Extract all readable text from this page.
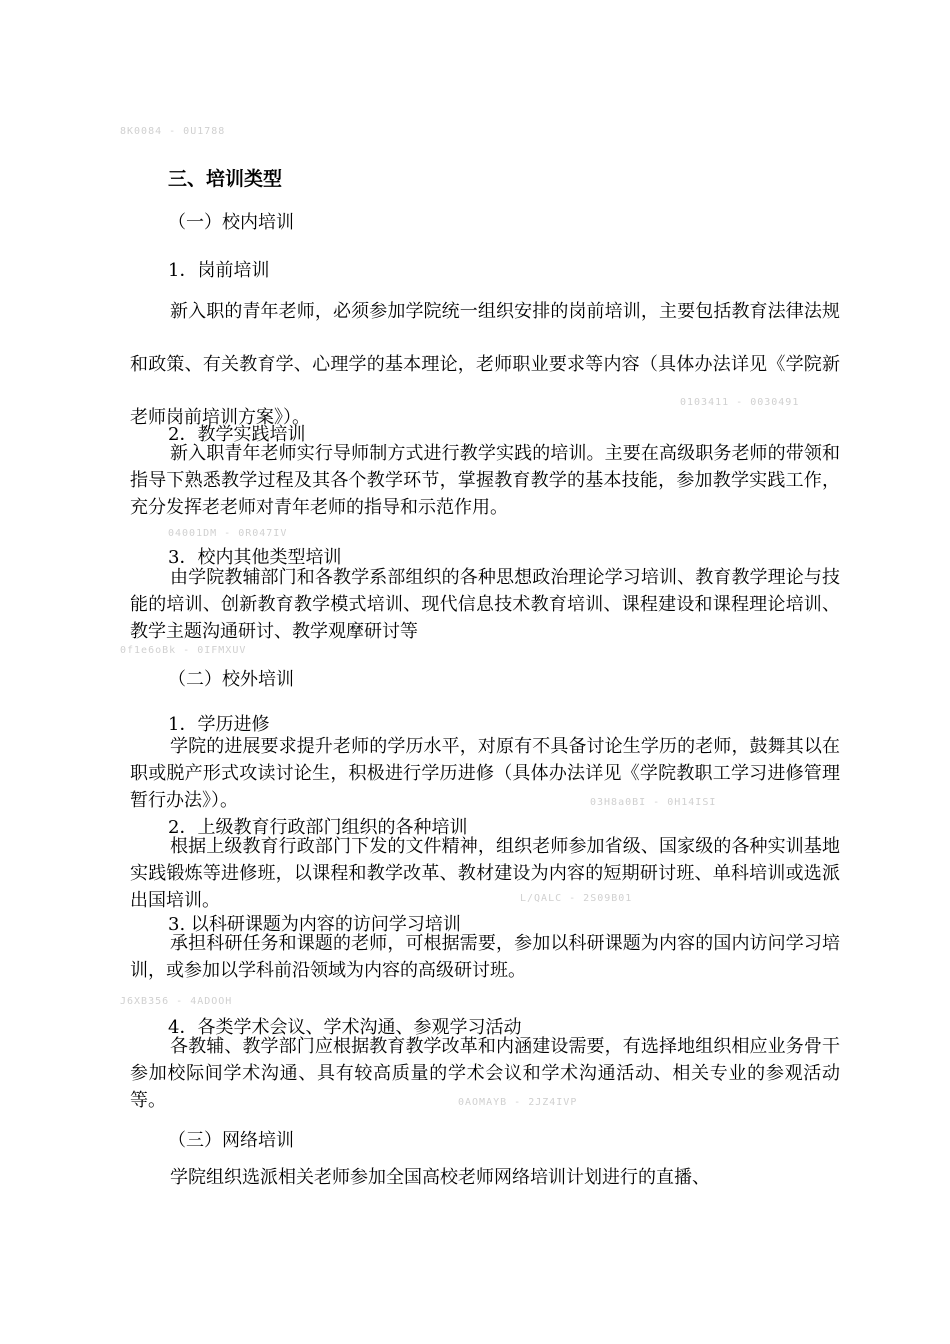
8K0084 - 0U1788
0103411 - 0030491
04001DM - 0R047IV
0f1e6oBk - 0IFMXUV
03H8a0BI - 0H14ISI
L/QALC - 2S09B01
J6XB356 - 4ADOOH
0AOMAYB - 2JZ4IVP
三、培训类型
（一）校内培训
1．岗前培训

新入职的青年老师，必须参加学院统一组织安排的岗前培训，主要包括教育法律法规和政策、有关教育学、心理学的基本理论，老师职业要求等内容（具体办法详见《学院新老师岗前培训方案》）。

2．教学实践培训

新入职青年老师实行导师制方式进行教学实践的培训。主要在高级职务老师的带领和指导下熟悉教学过程及其各个教学环节，掌握教育教学的基本技能，参加教学实践工作，充分发挥老老师对青年老师的指导和示范作用。

3．校内其他类型培训

由学院教辅部门和各教学系部组织的各种思想政治理论学习培训、教育教学理论与技能的培训、创新教育教学模式培训、现代信息技术教育培训、课程建设和课程理论培训、教学主题沟通研讨、教学观摩研讨等

（二）校外培训
1．学历进修

学院的进展要求提升老师的学历水平，对原有不具备讨论生学历的老师，鼓舞其以在职或脱产形式攻读讨论生，积极进行学历进修（具体办法详见《学院教职工学习进修管理暂行办法》）。

2．上级教育行政部门组织的各种培训

根据上级教育行政部门下发的文件精神，组织老师参加省级、国家级的各种实训基地实践锻炼等进修班，以课程和教学改革、教材建设为内容的短期研讨班、单科培训或选派出国培训。

3. 以科研课题为内容的访问学习培训

承担科研任务和课题的老师，可根据需要，参加以科研课题为内容的国内访问学习培训，或参加以学科前沿领域为内容的高级研讨班。

4．各类学术会议、学术沟通、参观学习活动

各教辅、教学部门应根据教育教学改革和内涵建设需要，有选择地组织相应业务骨干参加校际间学术沟通、具有较高质量的学术会议和学术沟通活动、相关专业的参观活动等。

（三）网络培训

学院组织选派相关老师参加全国高校老师网络培训计划进行的直播、
